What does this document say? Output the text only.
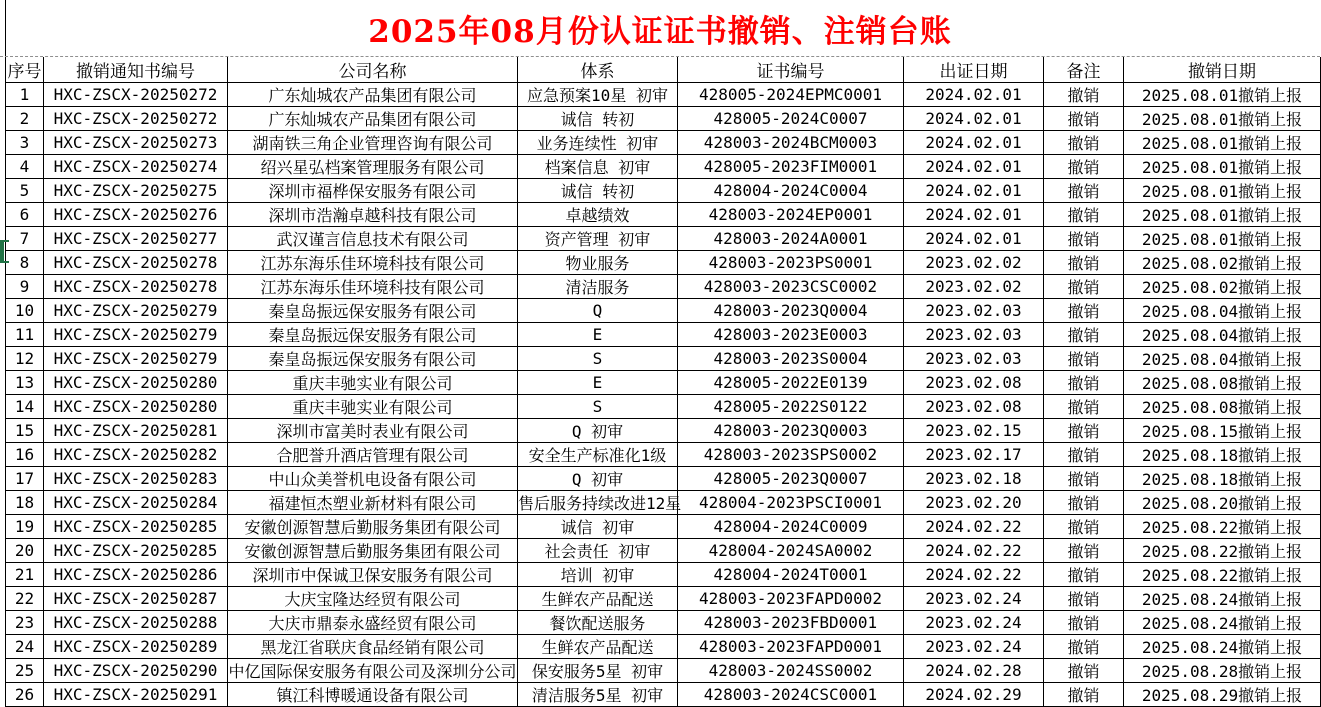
2025年08月份认证证书撤销、注销台账
序号	撤销通知书编号	公司名称	体系	证书编号	出证日期	备注	撤销日期
1	HXC-ZSCX-20250272	广东灿城农产品集团有限公司	应急预案10星 初审	428005-2024EPMC0001	2024.02.01	撤销	2025.08.01撤销上报
2	HXC-ZSCX-20250272	广东灿城农产品集团有限公司	诚信 转初	428005-2024C0007	2024.02.01	撤销	2025.08.01撤销上报
3	HXC-ZSCX-20250273	湖南铁三角企业管理咨询有限公司	业务连续性 初审	428003-2024BCM0003	2024.02.01	撤销	2025.08.01撤销上报
4	HXC-ZSCX-20250274	绍兴星弘档案管理服务有限公司	档案信息 初审	428005-2023FIM0001	2024.02.01	撤销	2025.08.01撤销上报
5	HXC-ZSCX-20250275	深圳市福桦保安服务有限公司	诚信 转初	428004-2024C0004	2024.02.01	撤销	2025.08.01撤销上报
6	HXC-ZSCX-20250276	深圳市浩瀚卓越科技有限公司	卓越绩效	428003-2024EP0001	2024.02.01	撤销	2025.08.01撤销上报
7	HXC-ZSCX-20250277	武汉谨言信息技术有限公司	资产管理 初审	428003-2024A0001	2024.02.01	撤销	2025.08.01撤销上报
8	HXC-ZSCX-20250278	江苏东海乐佳环境科技有限公司	物业服务	428003-2023PS0001	2023.02.02	撤销	2025.08.02撤销上报
9	HXC-ZSCX-20250278	江苏东海乐佳环境科技有限公司	清洁服务	428003-2023CSC0002	2023.02.02	撤销	2025.08.02撤销上报
10	HXC-ZSCX-20250279	秦皇岛振远保安服务有限公司	Q	428003-2023Q0004	2023.02.03	撤销	2025.08.04撤销上报
11	HXC-ZSCX-20250279	秦皇岛振远保安服务有限公司	E	428003-2023E0003	2023.02.03	撤销	2025.08.04撤销上报
12	HXC-ZSCX-20250279	秦皇岛振远保安服务有限公司	S	428003-2023S0004	2023.02.03	撤销	2025.08.04撤销上报
13	HXC-ZSCX-20250280	重庆丰驰实业有限公司	E	428005-2022E0139	2023.02.08	撤销	2025.08.08撤销上报
14	HXC-ZSCX-20250280	重庆丰驰实业有限公司	S	428005-2022S0122	2023.02.08	撤销	2025.08.08撤销上报
15	HXC-ZSCX-20250281	深圳市富美时表业有限公司	Q 初审	428003-2023Q0003	2023.02.15	撤销	2025.08.15撤销上报
16	HXC-ZSCX-20250282	合肥誉升酒店管理有限公司	安全生产标准化1级	428003-2023SPS0002	2023.02.17	撤销	2025.08.18撤销上报
17	HXC-ZSCX-20250283	中山众美誉机电设备有限公司	Q 初审	428005-2023Q0007	2023.02.18	撤销	2025.08.18撤销上报
18	HXC-ZSCX-20250284	福建恒杰塑业新材料有限公司	售后服务持续改进12星	428004-2023PSCI0001	2023.02.20	撤销	2025.08.20撤销上报
19	HXC-ZSCX-20250285	安徽创源智慧后勤服务集团有限公司	诚信 初审	428004-2024C0009	2024.02.22	撤销	2025.08.22撤销上报
20	HXC-ZSCX-20250285	安徽创源智慧后勤服务集团有限公司	社会责任 初审	428004-2024SA0002	2024.02.22	撤销	2025.08.22撤销上报
21	HXC-ZSCX-20250286	深圳市中保诚卫保安服务有限公司	培训 初审	428004-2024T0001	2024.02.22	撤销	2025.08.22撤销上报
22	HXC-ZSCX-20250287	大庆宝隆达经贸有限公司	生鲜农产品配送	428003-2023FAPD0002	2023.02.24	撤销	2025.08.24撤销上报
23	HXC-ZSCX-20250288	大庆市鼎泰永盛经贸有限公司	餐饮配送服务	428003-2023FBD0001	2023.02.24	撤销	2025.08.24撤销上报
24	HXC-ZSCX-20250289	黑龙江省联庆食品经销有限公司	生鲜农产品配送	428003-2023FAPD0001	2023.02.24	撤销	2025.08.24撤销上报
25	HXC-ZSCX-20250290	中亿国际保安服务有限公司及深圳分公司	保安服务5星 初审	428003-2024SS0002	2024.02.28	撤销	2025.08.28撤销上报
26	HXC-ZSCX-20250291	镇江科博暖通设备有限公司	清洁服务5星 初审	428003-2024CSC0001	2024.02.29	撤销	2025.08.29撤销上报
